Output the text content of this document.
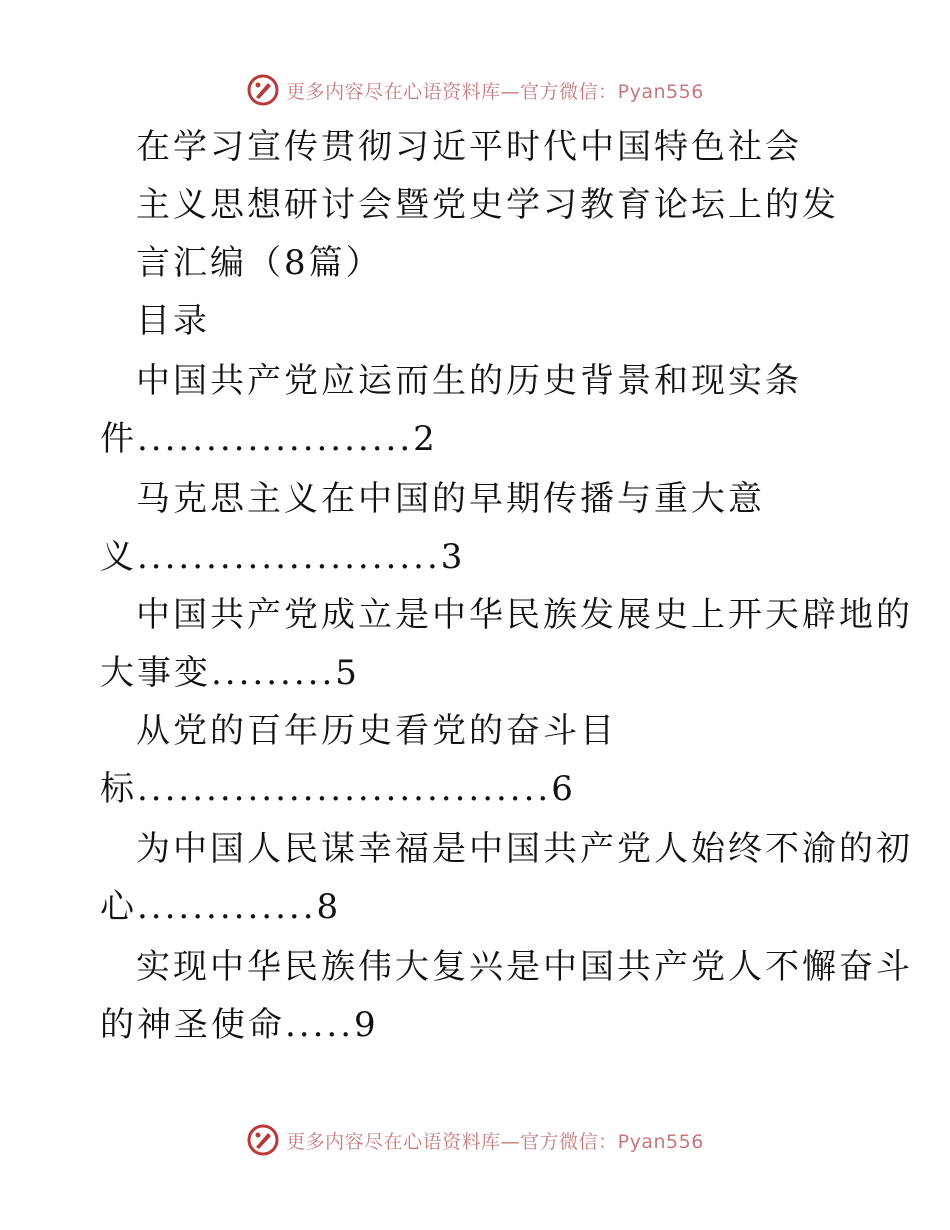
更多内容尽在心语资料库—官方微信：Pyan556
在学习宣传贯彻习近平时代中国特色社会
主义思想研讨会暨党史学习教育论坛上的发
言汇编（8篇）
目录
中国共产党应运而生的历史背景和现实条
件....................2
马克思主义在中国的早期传播与重大意
义......................3
中国共产党成立是中华民族发展史上开天辟地的
大事变.........5
从党的百年历史看党的奋斗目
标..............................6
为中国人民谋幸福是中国共产党人始终不渝的初
心.............8
实现中华民族伟大复兴是中国共产党人不懈奋斗
的神圣使命.....9
更多内容尽在心语资料库—官方微信：Pyan556
